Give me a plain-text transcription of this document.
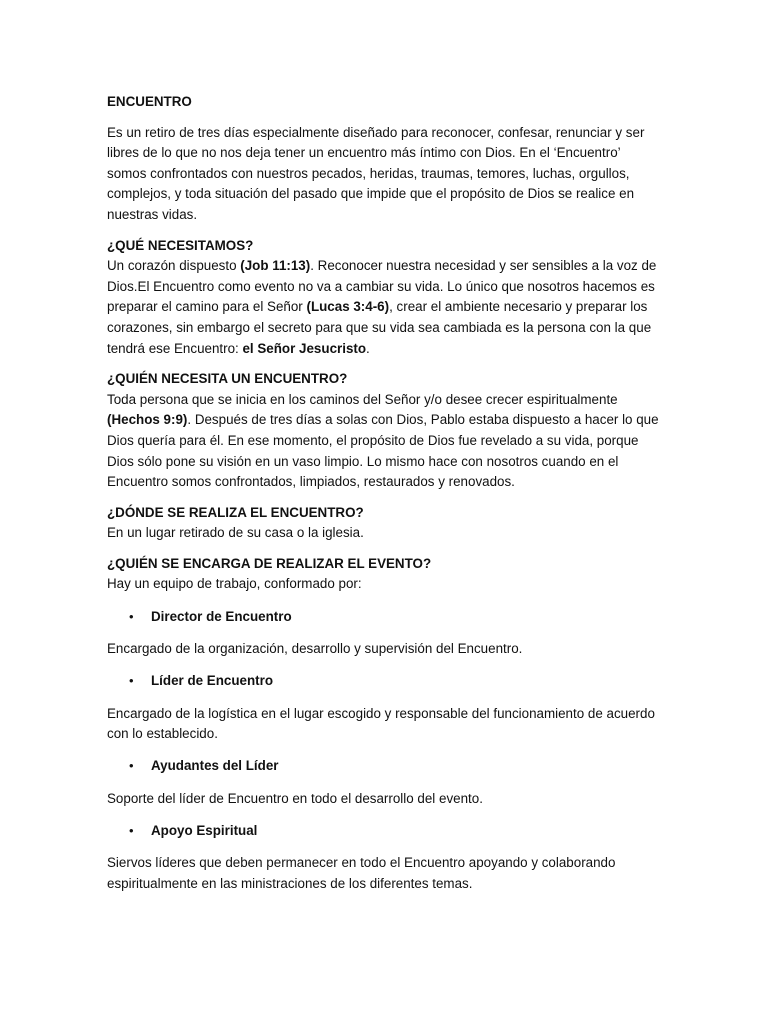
ENCUENTRO

Es un retiro de tres días especialmente diseñado para reconocer, confesar, renunciar y ser libres de lo que no nos deja tener un encuentro más íntimo con Dios. En el ‘Encuentro’ somos confrontados con nuestros pecados, heridas, traumas, temores, luchas, orgullos, complejos, y toda situación del pasado que impide que el propósito de Dios se realice en nuestras vidas.

¿QUÉ NECESITAMOS?

Un corazón dispuesto (Job 11:13). Reconocer nuestra necesidad y ser sensibles a la voz de Dios.El Encuentro como evento no va a cambiar su vida. Lo único que nosotros hacemos es preparar el camino para el Señor (Lucas 3:4-6), crear el ambiente necesario y preparar los corazones, sin embargo el secreto para que su vida sea cambiada es la persona con la que tendrá ese Encuentro: el Señor Jesucristo.

¿QUIÉN NECESITA UN ENCUENTRO?

Toda persona que se inicia en los caminos del Señor y/o desee crecer espiritualmente (Hechos 9:9). Después de tres días a solas con Dios, Pablo estaba dispuesto a hacer lo que Dios quería para él. En ese momento, el propósito de Dios fue revelado a su vida, porque Dios sólo pone su visión en un vaso limpio. Lo mismo hace con nosotros cuando en el Encuentro somos confrontados, limpiados, restaurados y renovados.

¿DÓNDE SE REALIZA EL ENCUENTRO?

En un lugar retirado de su casa o la iglesia.

¿QUIÉN SE ENCARGA DE REALIZAR EL EVENTO?

Hay un equipo de trabajo, conformado por:

•	Director de Encuentro

Encargado de la organización, desarrollo y supervisión del Encuentro.

•	Líder de Encuentro

Encargado de la logística en el lugar escogido y responsable del funcionamiento de acuerdo con lo establecido.

•	Ayudantes del Líder

Soporte del líder de Encuentro en todo el desarrollo del evento.

•	Apoyo Espiritual

Siervos líderes que deben permanecer en todo el Encuentro apoyando y colaborando espiritualmente en las ministraciones de los diferentes temas.
